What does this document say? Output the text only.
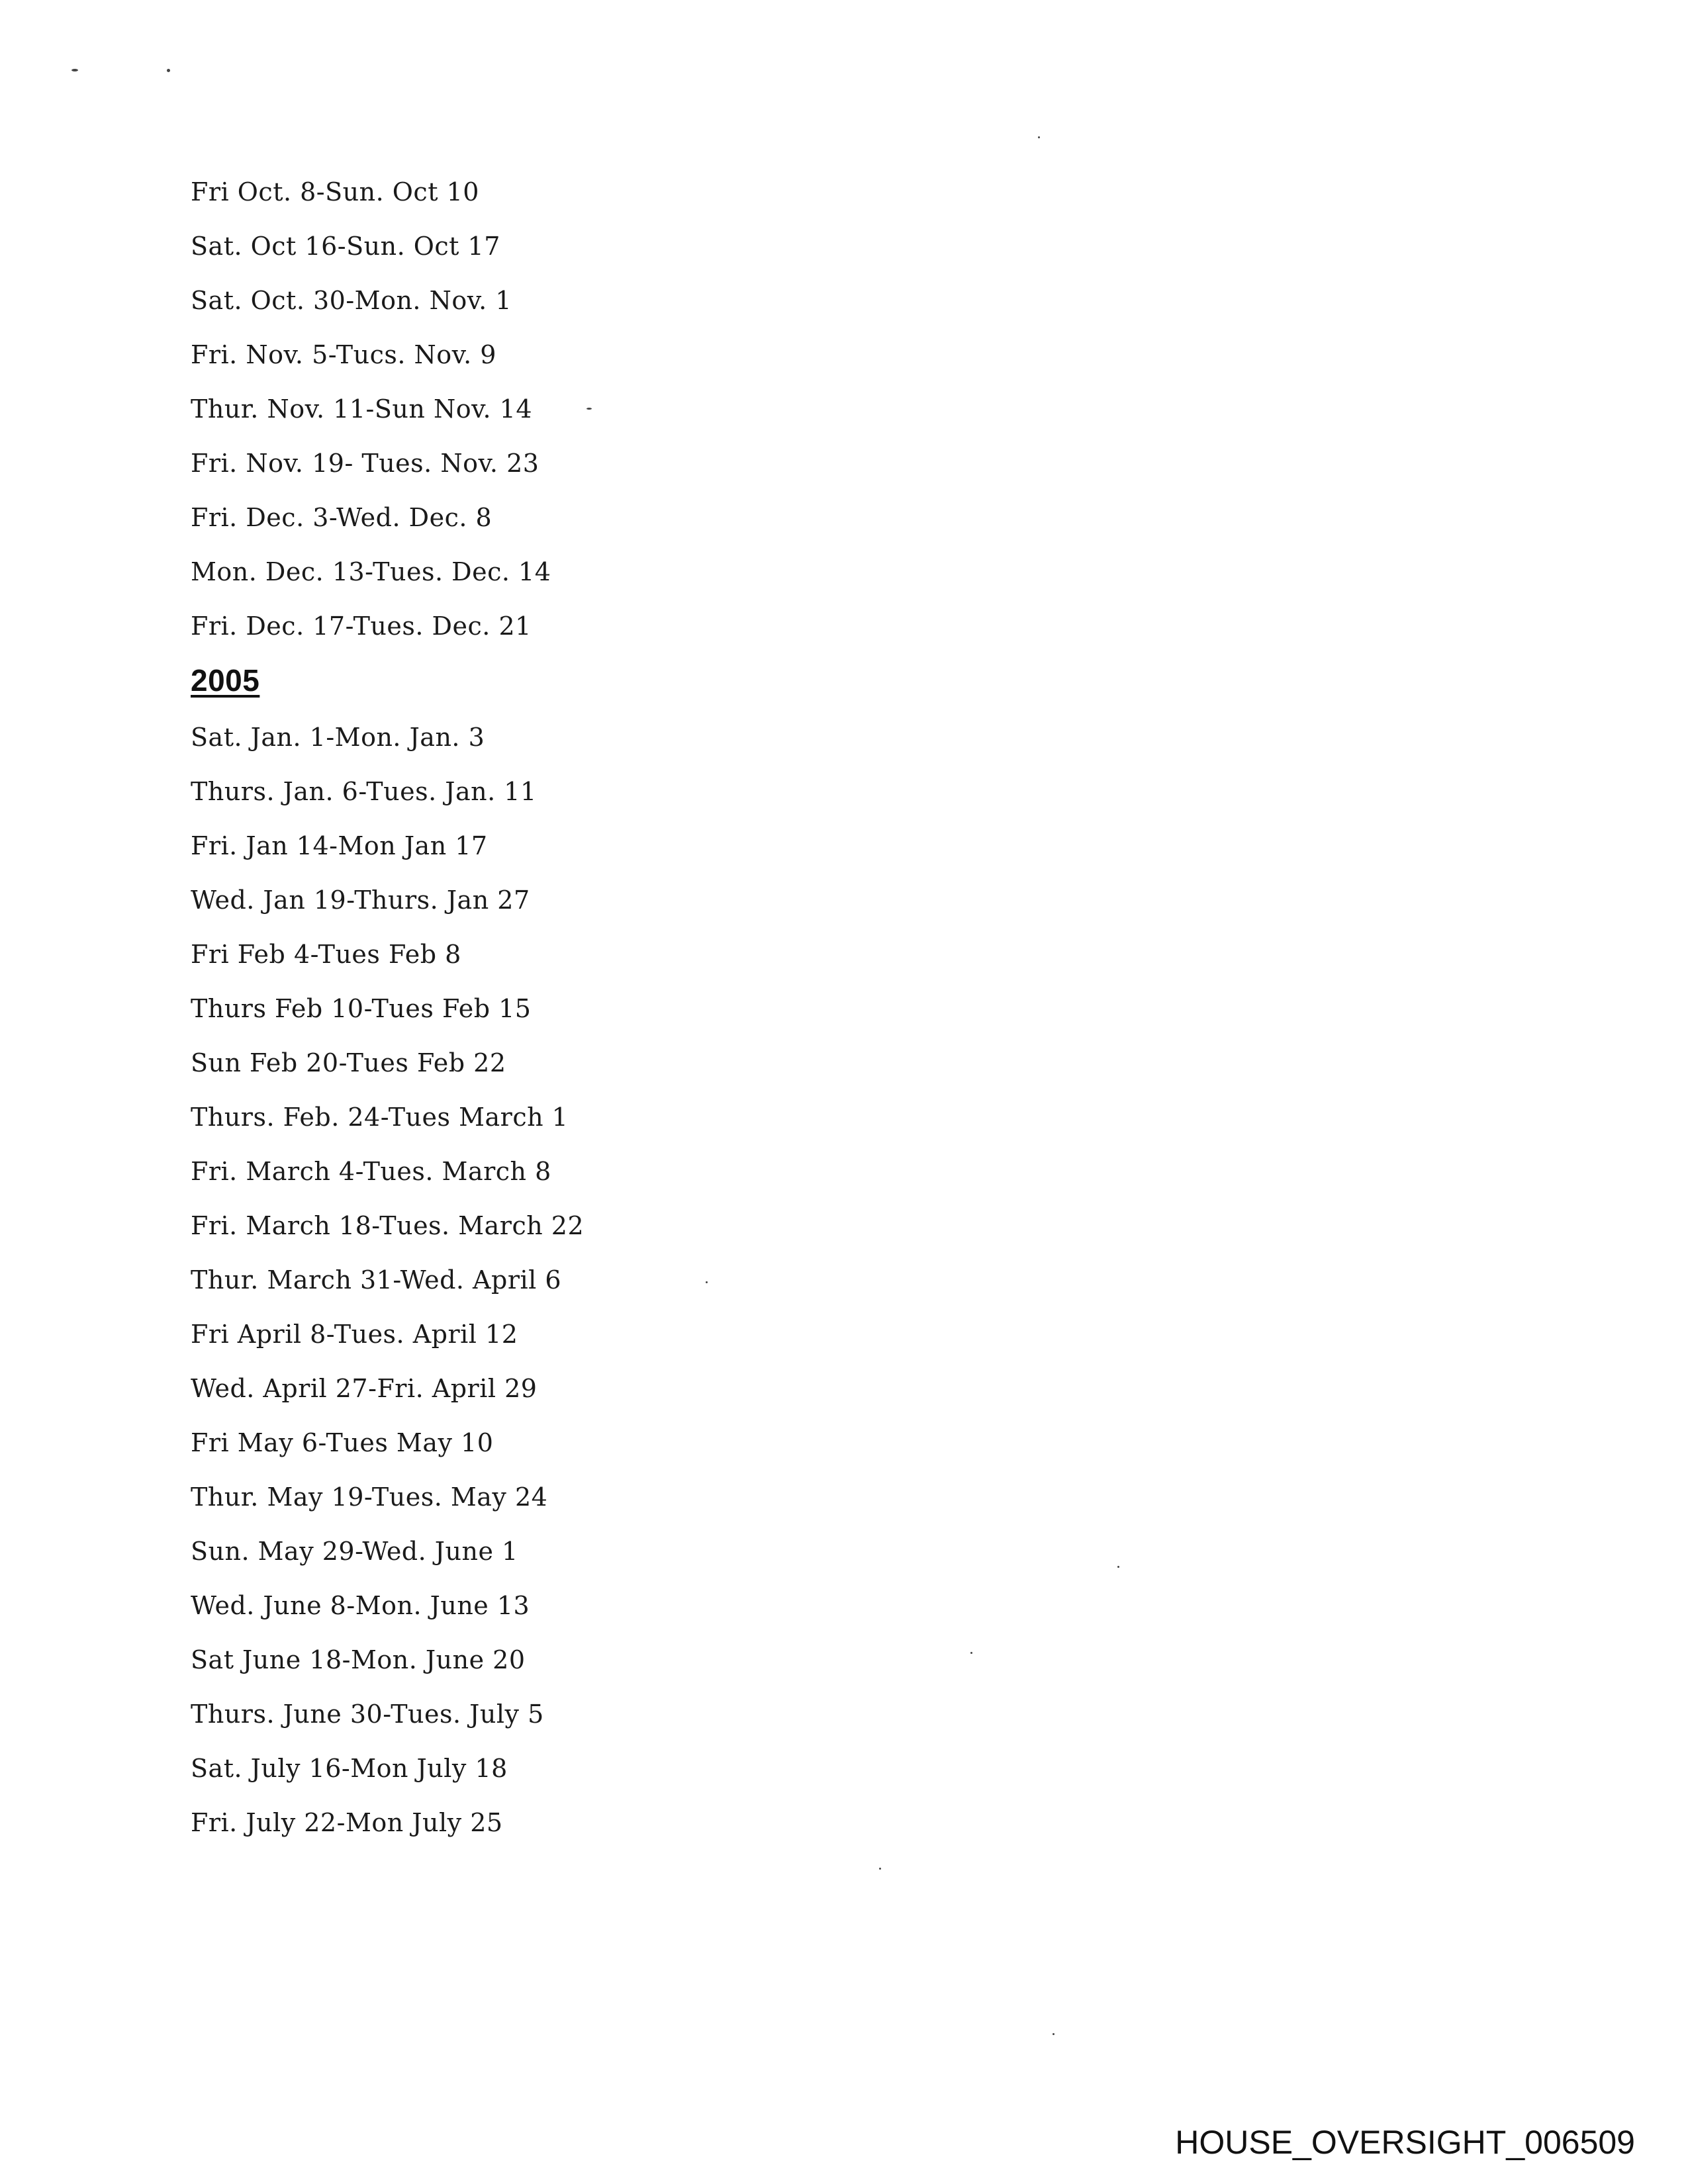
Fri Oct. 8-Sun. Oct 10
Sat. Oct 16-Sun. Oct 17
Sat. Oct. 30-Mon. Nov. 1
Fri. Nov. 5-Tucs. Nov. 9
Thur. Nov. 11-Sun Nov. 14
Fri. Nov. 19- Tues. Nov. 23
Fri. Dec. 3-Wed. Dec. 8
Mon. Dec. 13-Tues. Dec. 14
Fri. Dec. 17-Tues. Dec. 21
2005
Sat. Jan. 1-Mon. Jan. 3
Thurs. Jan. 6-Tues. Jan. 11
Fri. Jan 14-Mon Jan 17
Wed. Jan 19-Thurs. Jan 27
Fri Feb 4-Tues Feb 8
Thurs Feb 10-Tues Feb 15
Sun Feb 20-Tues Feb 22
Thurs. Feb. 24-Tues March 1
Fri. March 4-Tues. March 8
Fri. March 18-Tues. March 22
Thur. March 31-Wed. April 6
Fri April 8-Tues. April 12
Wed. April 27-Fri. April 29
Fri May 6-Tues May 10
Thur. May 19-Tues. May 24
Sun. May 29-Wed. June 1
Wed. June 8-Mon. June 13
Sat June 18-Mon. June 20
Thurs. June 30-Tues. July 5
Sat. July 16-Mon July 18
Fri. July 22-Mon July 25
HOUSE_OVERSIGHT_006509
